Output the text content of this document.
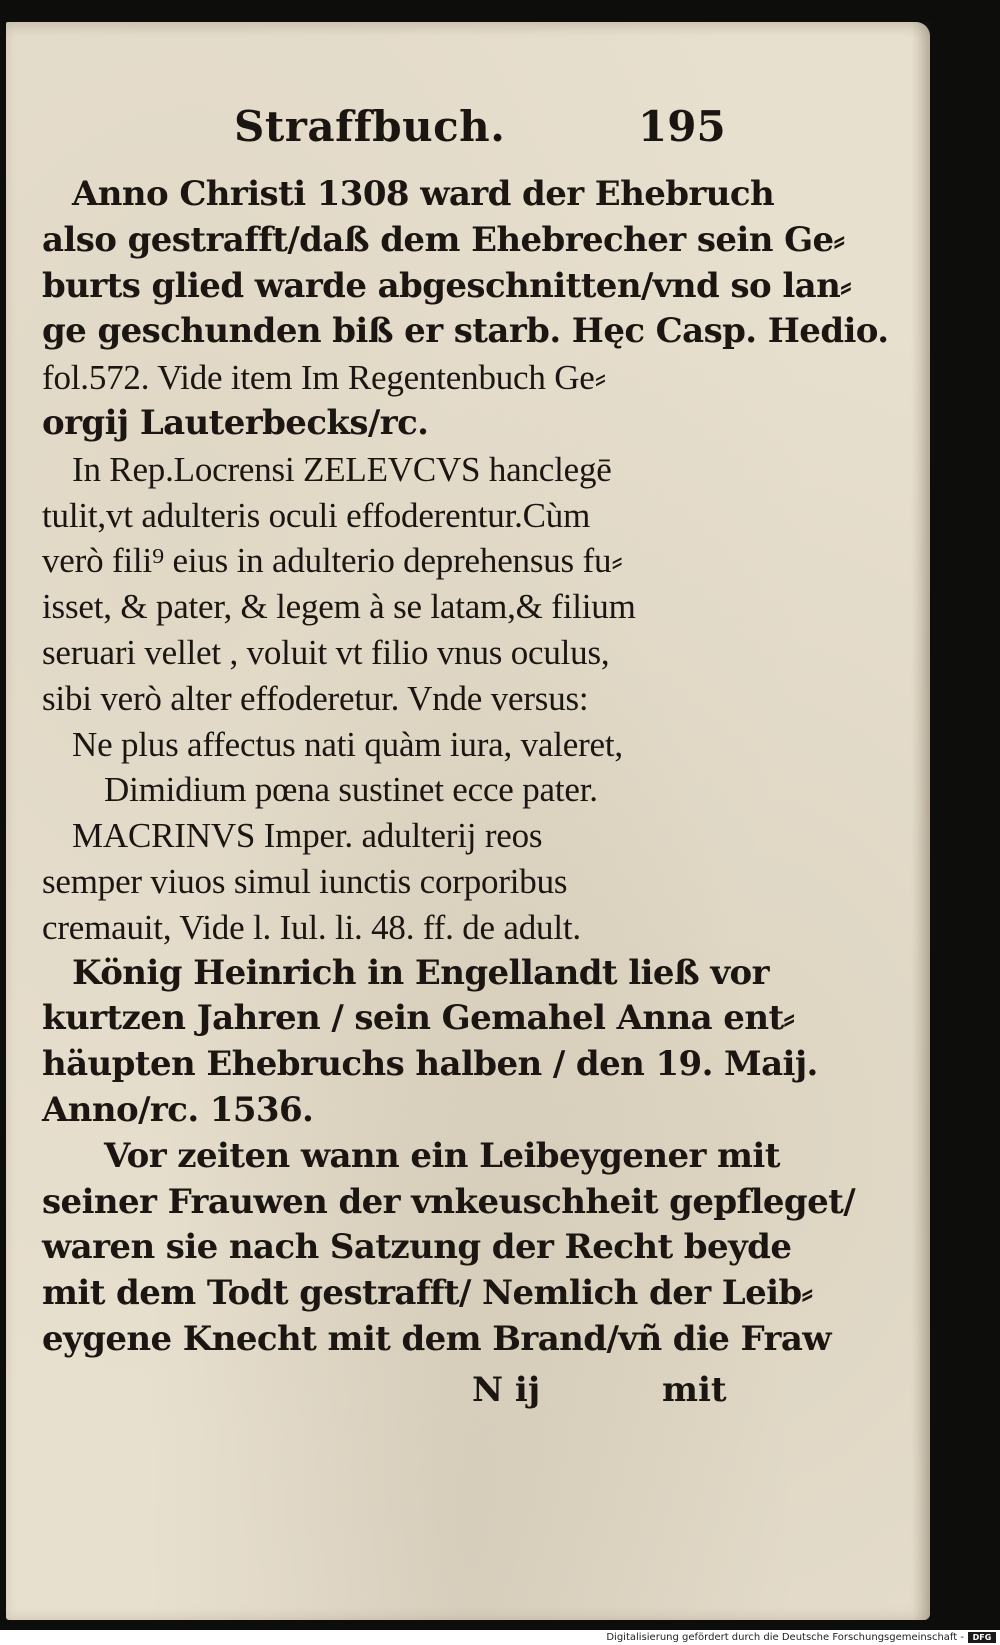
Straffbuch.	195
Anno Christi 1308 ward der Ehebruch
also gestrafft/daß dem Ehebrecher sein Ge⸗
burts glied warde abgeschnitten/vnd so lan⸗
ge geschunden biß er starb. Hęc Casp. Hedio.
fol.572. Vide item Im Regentenbuch Ge⸗
orgij Lauterbecks/rc.
In Rep.Locrensi ZELEVCVS hanclegē
tulit,vt adulteris oculi effoderentur.Cùm
verò fili⁹ eius in adulterio deprehensus fu⸗
isset, & pater, & legem à se latam,& filium
seruari vellet , voluit vt filio vnus oculus,
sibi verò alter effoderetur. Vnde versus:
Ne plus affectus nati quàm iura, valeret,
Dimidium pœna sustinet ecce pater.
MACRINVS Imper. adulterij reos
semper viuos simul iunctis corporibus
cremauit, Vide l. Iul. li. 48. ff. de adult.
König Heinrich in Engellandt ließ vor
kurtzen Jahren / sein Gemahel Anna ent⸗
häupten Ehebruchs halben / den 19. Maij.
Anno/rc. 1536.
Vor zeiten wann ein Leibeygener mit
seiner Frauwen der vnkeuschheit gepfleget/
waren sie nach Satzung der Recht beyde
mit dem Todt gestrafft/ Nemlich der Leib⸗
eygene Knecht mit dem Brand/vñ die Fraw
N ij	mit
Digitalisierung gefördert durch die Deutsche Forschungsgemeinschaft -	DFG
